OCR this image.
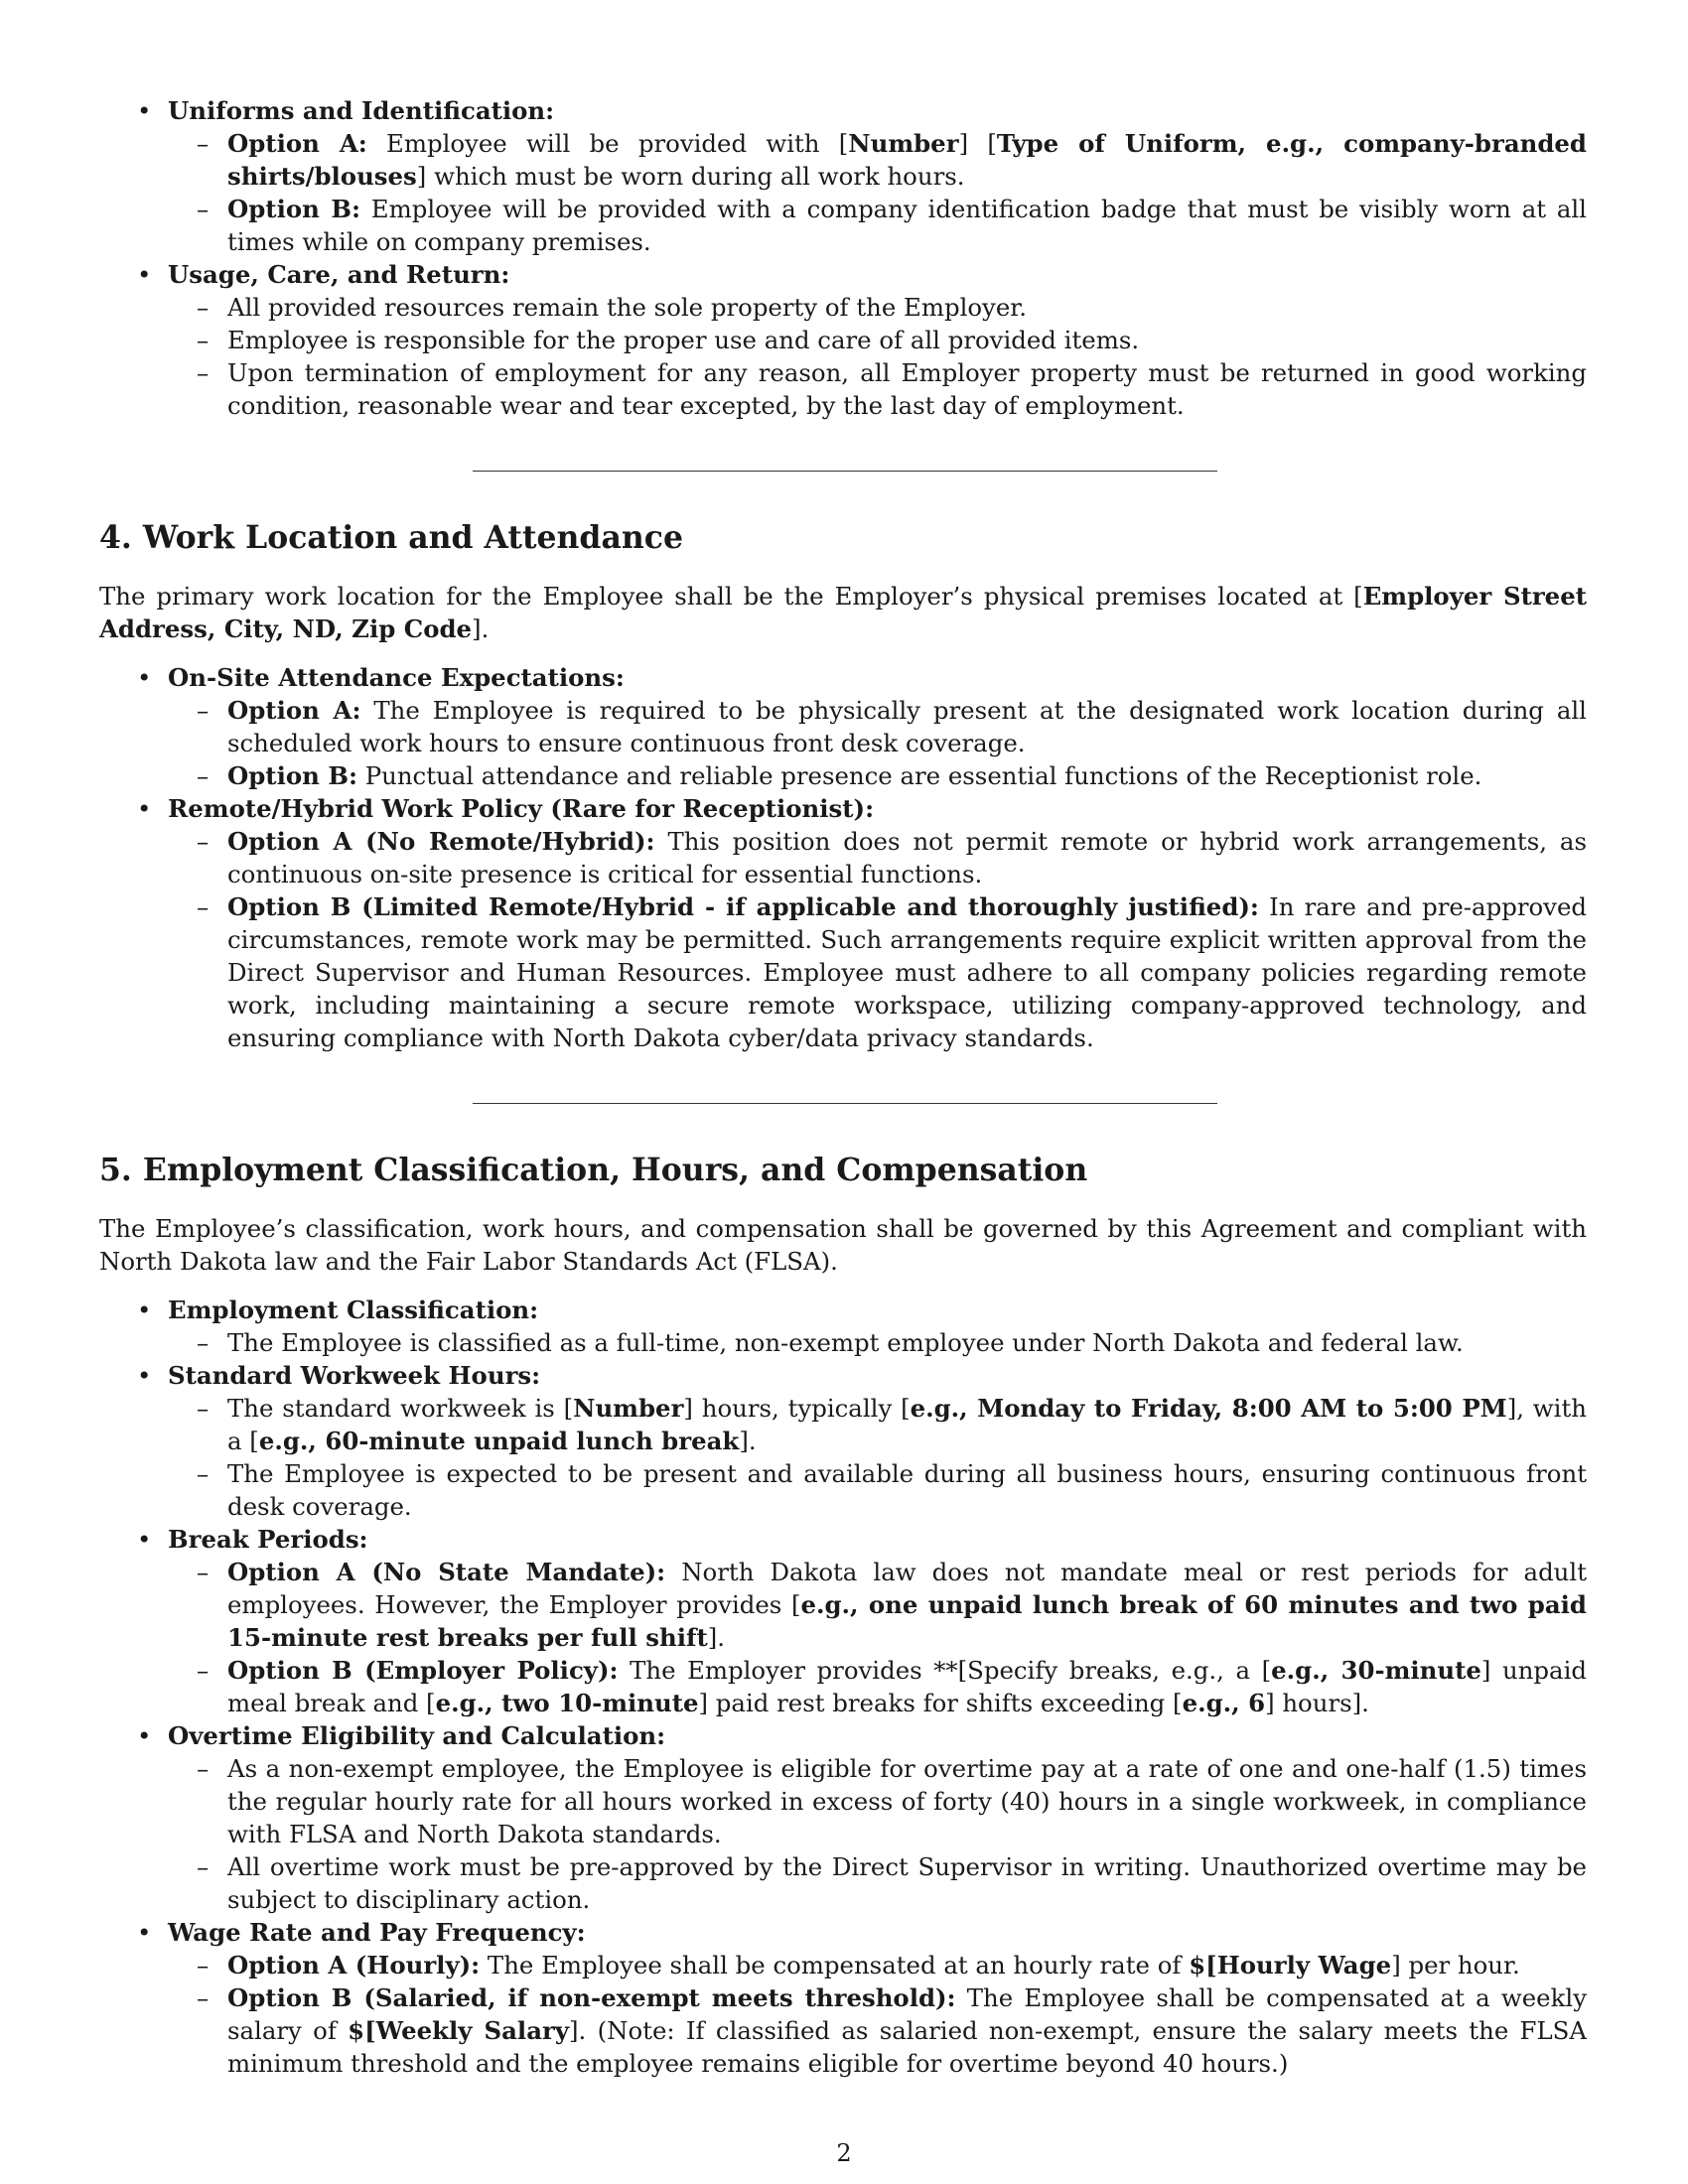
• Uniforms and Identification:
– Option A: Employee will be provided with [Number] [Type of Uniform, e.g., company-branded shirts/blouses] which must be worn during all work hours.
– Option B: Employee will be provided with a company identification badge that must be visibly worn at all times while on company premises.
• Usage, Care, and Return:
– All provided resources remain the sole property of the Employer.
– Employee is responsible for the proper use and care of all provided items.
– Upon termination of employment for any reason, all Employer property must be returned in good working condition, reasonable wear and tear excepted, by the last day of employment.
4. Work Location and Attendance

The primary work location for the Employee shall be the Employer’s physical premises located at [Employer Street Address, City, ND, Zip Code].

• On-Site Attendance Expectations:
– Option A: The Employee is required to be physically present at the designated work location during all scheduled work hours to ensure continuous front desk coverage.
– Option B: Punctual attendance and reliable presence are essential functions of the Receptionist role.
• Remote/Hybrid Work Policy (Rare for Receptionist):
– Option A (No Remote/Hybrid): This position does not permit remote or hybrid work arrangements, as continuous on-site presence is critical for essential functions.
– Option B (Limited Remote/Hybrid - if applicable and thoroughly justified): In rare and pre-approved circumstances, remote work may be permitted. Such arrangements require explicit written approval from the Direct Supervisor and Human Resources. Employee must adhere to all company policies regarding remote work, including maintaining a secure remote workspace, utilizing company-approved technology, and ensuring compliance with North Dakota cyber/data privacy standards.
5. Employment Classification, Hours, and Compensation

The Employee’s classification, work hours, and compensation shall be governed by this Agreement and compliant with North Dakota law and the Fair Labor Standards Act (FLSA).

• Employment Classification:
– The Employee is classified as a full-time, non-exempt employee under North Dakota and federal law.
• Standard Workweek Hours:
– The standard workweek is [Number] hours, typically [e.g., Monday to Friday, 8:00 AM to 5:00 PM], with a [e.g., 60-minute unpaid lunch break].
– The Employee is expected to be present and available during all business hours, ensuring continuous front desk coverage.
• Break Periods:
– Option A (No State Mandate): North Dakota law does not mandate meal or rest periods for adult employees. However, the Employer provides [e.g., one unpaid lunch break of 60 minutes and two paid 15-minute rest breaks per full shift].
– Option B (Employer Policy): The Employer provides **[Specify breaks, e.g., a [e.g., 30-minute] unpaid meal break and [e.g., two 10-minute] paid rest breaks for shifts exceeding [e.g., 6] hours].
• Overtime Eligibility and Calculation:
– As a non-exempt employee, the Employee is eligible for overtime pay at a rate of one and one-half (1.5) times the regular hourly rate for all hours worked in excess of forty (40) hours in a single workweek, in compliance with FLSA and North Dakota standards.
– All overtime work must be pre-approved by the Direct Supervisor in writing. Unauthorized overtime may be subject to disciplinary action.
• Wage Rate and Pay Frequency:
– Option A (Hourly): The Employee shall be compensated at an hourly rate of $[Hourly Wage] per hour.
– Option B (Salaried, if non-exempt meets threshold): The Employee shall be compensated at a weekly salary of $[Weekly Salary]. (Note: If classified as salaried non-exempt, ensure the salary meets the FLSA minimum threshold and the employee remains eligible for overtime beyond 40 hours.)
2
